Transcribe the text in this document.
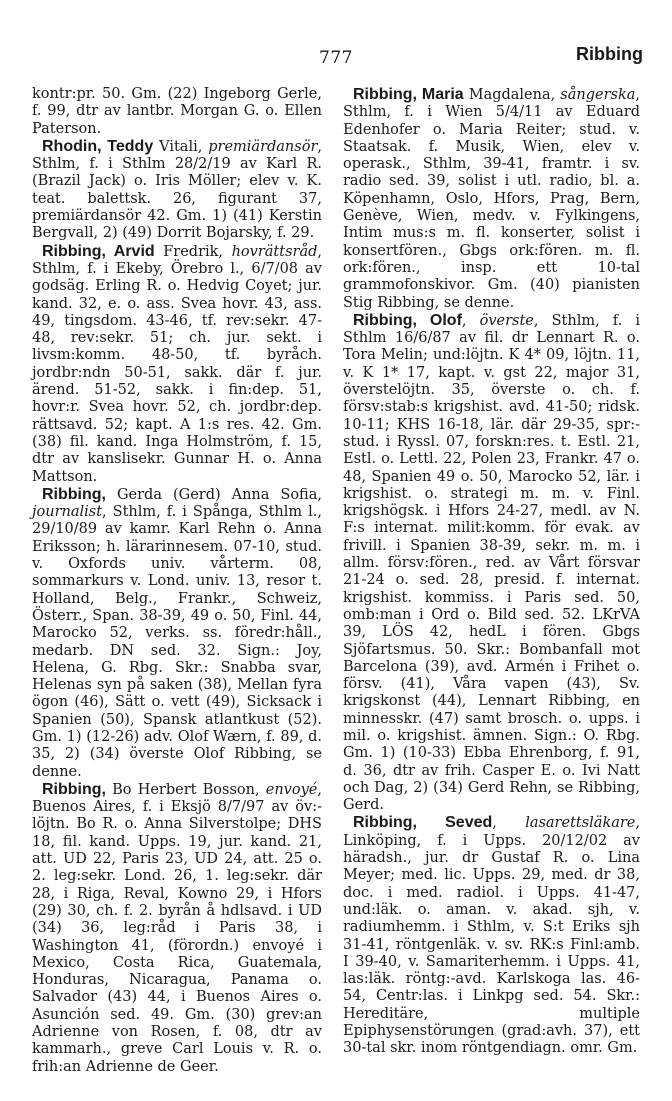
777	Ribbing

kontr:pr. 50. Gm. (22) Ingeborg Gerle, f. 99, dtr av lantbr. Morgan G. o. Ellen Paterson.

Rhodin, Teddy Vitali, premiärdansör, Sthlm, f. i Sthlm 28/2/19 av Karl R. (Brazil Jack) o. Iris Möller; elev v. K. teat. balettsk. 26, figurant 37, premiärdansör 42. Gm. 1) (41) Kerstin Bergvall, 2) (49) Dorrit Bojarsky, f. 29.

Ribbing, Arvid Fredrik, hovrättsråd, Sthlm, f. i Ekeby, Örebro l., 6/7/08 av godsäg. Erling R. o. Hedvig Coyet; jur. kand. 32, e. o. ass. Svea hovr. 43, ass. 49, tingsdom. 43-46, tf. rev:sekr. 47-48, rev:sekr. 51; ch. jur. sekt. i livsm:komm. 48-50, tf. byråch. jordbr:ndn 50-51, sakk. där f. jur. ärend. 51-52, sakk. i fin:dep. 51, hovr:r. Svea hovr. 52, ch. jordbr:dep. rättsavd. 52; kapt. A 1:s res. 42. Gm. (38) fil. kand. Inga Holmström, f. 15, dtr av kanslisekr. Gunnar H. o. Anna Mattson.

Ribbing, Gerda (Gerd) Anna Sofia, journalist, Sthlm, f. i Spånga, Sthlm l., 29/10/89 av kamr. Karl Rehn o. Anna Eriksson; h. lärarinnesem. 07-10, stud. v. Oxfords univ. vårterm. 08, sommarkurs v. Lond. univ. 13, resor t. Holland, Belg., Frankr., Schweiz, Österr., Span. 38-39, 49 o. 50, Finl. 44, Marocko 52, verks. ss. föredr:håll., medarb. DN sed. 32. Sign.: Joy, Helena, G. Rbg. Skr.: Snabba svar, Helenas syn på saken (38), Mellan fyra ögon (46), Sätt o. vett (49), Sicksack i Spanien (50), Spansk atlantkust (52). Gm. 1) (12-26) adv. Olof Wærn, f. 89, d. 35, 2) (34) överste Olof Ribbing, se denne.

Ribbing, Bo Herbert Bosson, envoyé, Buenos Aires, f. i Eksjö 8/7/97 av öv:-löjtn. Bo R. o. Anna Silverstolpe; DHS 18, fil. kand. Upps. 19, jur. kand. 21, att. UD 22, Paris 23, UD 24, att. 25 o. 2. leg:sekr. Lond. 26, 1. leg:sekr. där 28, i Riga, Reval, Kowno 29, i Hfors (29) 30, ch. f. 2. byrån å hdlsavd. i UD (34) 36, leg:råd i Paris 38, i Washington 41, (förordn.) envoyé i Mexico, Costa Rica, Guatemala, Honduras, Nicaragua, Panama o. Salvador (43) 44, i Buenos Aires o. Asunción sed. 49. Gm. (30) grev:an Adrienne von Rosen, f. 08, dtr av kammarh., greve Carl Louis v. R. o. frih:an Adrienne de Geer.

Ribbing, Maria Magdalena, sångerska, Sthlm, f. i Wien 5/4/11 av Eduard Edenhofer o. Maria Reiter; stud. v. Staatsak. f. Musik, Wien, elev v. operask., Sthlm, 39-41, framtr. i sv. radio sed. 39, solist i utl. radio, bl. a. Köpenhamn, Oslo, Hfors, Prag, Bern, Genève, Wien, medv. v. Fylkingens, Intim mus:s m. fl. konserter, solist i konsertfören., Gbgs ork:fören. m. fl. ork:fören., insp. ett 10-tal grammofonskivor. Gm. (40) pianisten Stig Ribbing, se denne.

Ribbing, Olof, överste, Sthlm, f. i Sthlm 16/6/87 av fil. dr Lennart R. o. Tora Melin; und:löjtn. K 4* 09, löjtn. 11, v. K 1* 17, kapt. v. gst 22, major 31, överstelöjtn. 35, överste o. ch. f. försv:stab:s krigshist. avd. 41-50; ridsk. 10-11; KHS 16-18, lär. där 29-35, spr:-stud. i Ryssl. 07, forskn:res. t. Estl. 21, Estl. o. Lettl. 22, Polen 23, Frankr. 47 o. 48, Spanien 49 o. 50, Marocko 52, lär. i krigshist. o. strategi m. m. v. Finl. krigshögsk. i Hfors 24-27, medl. av N. F:s internat. milit:komm. för evak. av frivill. i Spanien 38-39, sekr. m. m. i allm. försv:fören., red. av Vårt försvar 21-24 o. sed. 28, presid. f. internat. krigshist. kommiss. i Paris sed. 50, omb:man i Ord o. Bild sed. 52. LKrVA 39, LÖS 42, hedL i fören. Gbgs Sjöfartsmus. 50. Skr.: Bombanfall mot Barcelona (39), avd. Armén i Frihet o. försv. (41), Våra vapen (43), Sv. krigskonst (44), Lennart Ribbing, en minnesskr. (47) samt brosch. o. upps. i mil. o. krigshist. ämnen. Sign.: O. Rbg. Gm. 1) (10-33) Ebba Ehrenborg, f. 91, d. 36, dtr av frih. Casper E. o. Ivi Natt och Dag, 2) (34) Gerd Rehn, se Ribbing, Gerd.

Ribbing, Seved, lasarettsläkare, Linköping, f. i Upps. 20/12/02 av häradsh., jur. dr Gustaf R. o. Lina Meyer; med. lic. Upps. 29, med. dr 38, doc. i med. radiol. i Upps. 41-47, und:läk. o. aman. v. akad. sjh, v. radiumhemm. i Sthlm, v. S:t Eriks sjh 31-41, röntgenläk. v. sv. RK:s Finl:amb. I 39-40, v. Samariterhemm. i Upps. 41, las:läk. röntg:-avd. Karlskoga las. 46-54, Centr:las. i Linkpg sed. 54. Skr.: Hereditäre, multiple Epiphysenstörungen (grad:avh. 37), ett 30-tal skr. inom röntgendiagn. omr. Gm.
